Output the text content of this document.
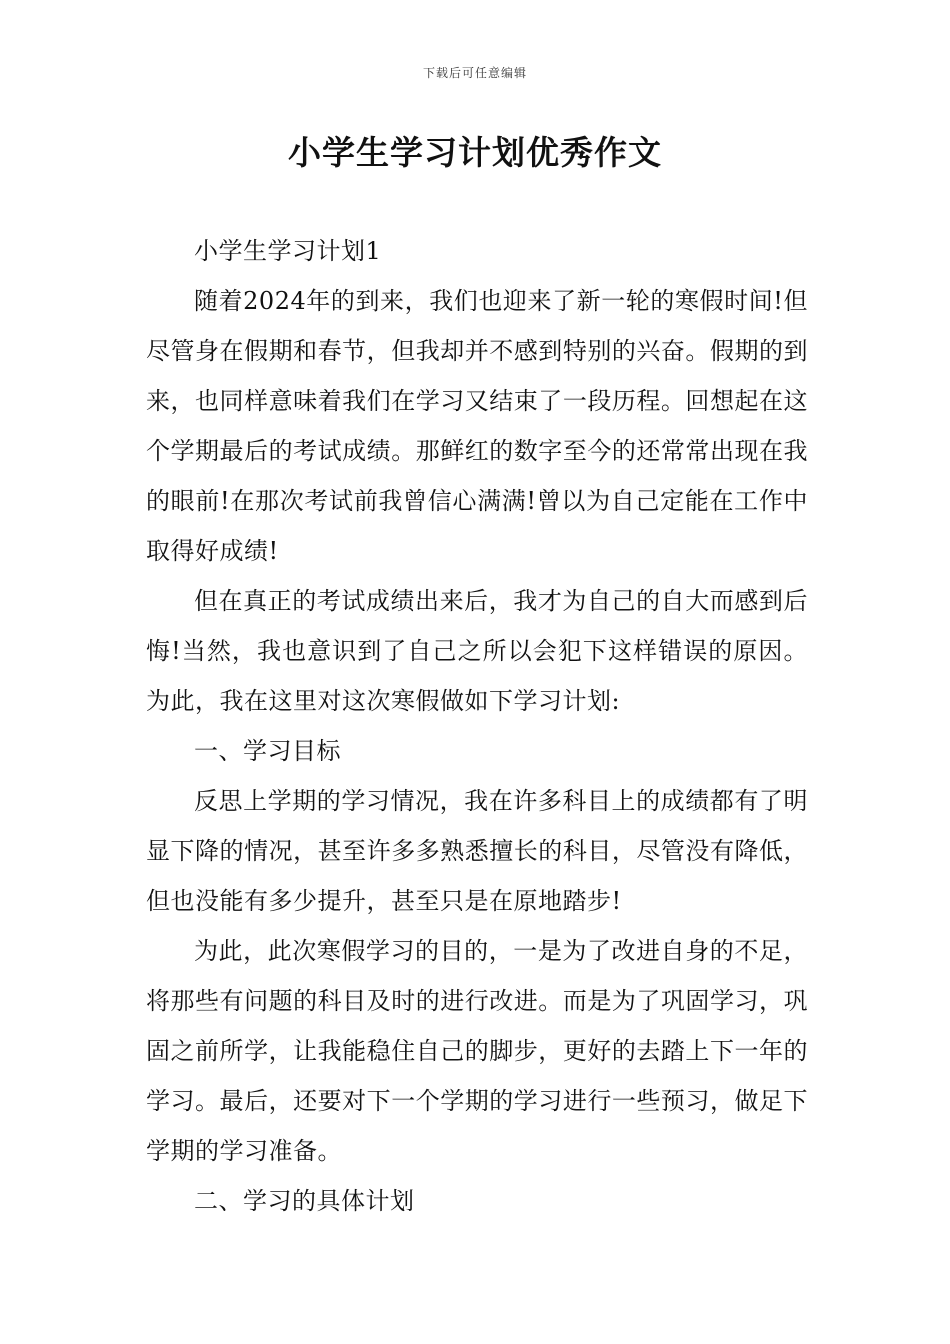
下载后可任意编辑
小学生学习计划优秀作文

小学生学习计划1

随着2024年的到来，我们也迎来了新一轮的寒假时间!但尽管身在假期和春节，但我却并不感到特别的兴奋。假期的到来，也同样意味着我们在学习又结束了一段历程。回想起在这个学期最后的考试成绩。那鲜红的数字至今的还常常出现在我的眼前!在那次考试前我曾信心满满!曾以为自己定能在工作中取得好成绩!

但在真正的考试成绩出来后，我才为自己的自大而感到后悔!当然，我也意识到了自己之所以会犯下这样错误的原因。为此，我在这里对这次寒假做如下学习计划:

一、学习目标

反思上学期的学习情况，我在许多科目上的成绩都有了明显下降的情况，甚至许多多熟悉擅长的科目，尽管没有降低，但也没能有多少提升，甚至只是在原地踏步!

为此，此次寒假学习的目的，一是为了改进自身的不足，将那些有问题的科目及时的进行改进。而是为了巩固学习，巩固之前所学，让我能稳住自己的脚步，更好的去踏上下一年的学习。最后，还要对下一个学期的学习进行一些预习，做足下学期的学习准备。

二、学习的具体计划
